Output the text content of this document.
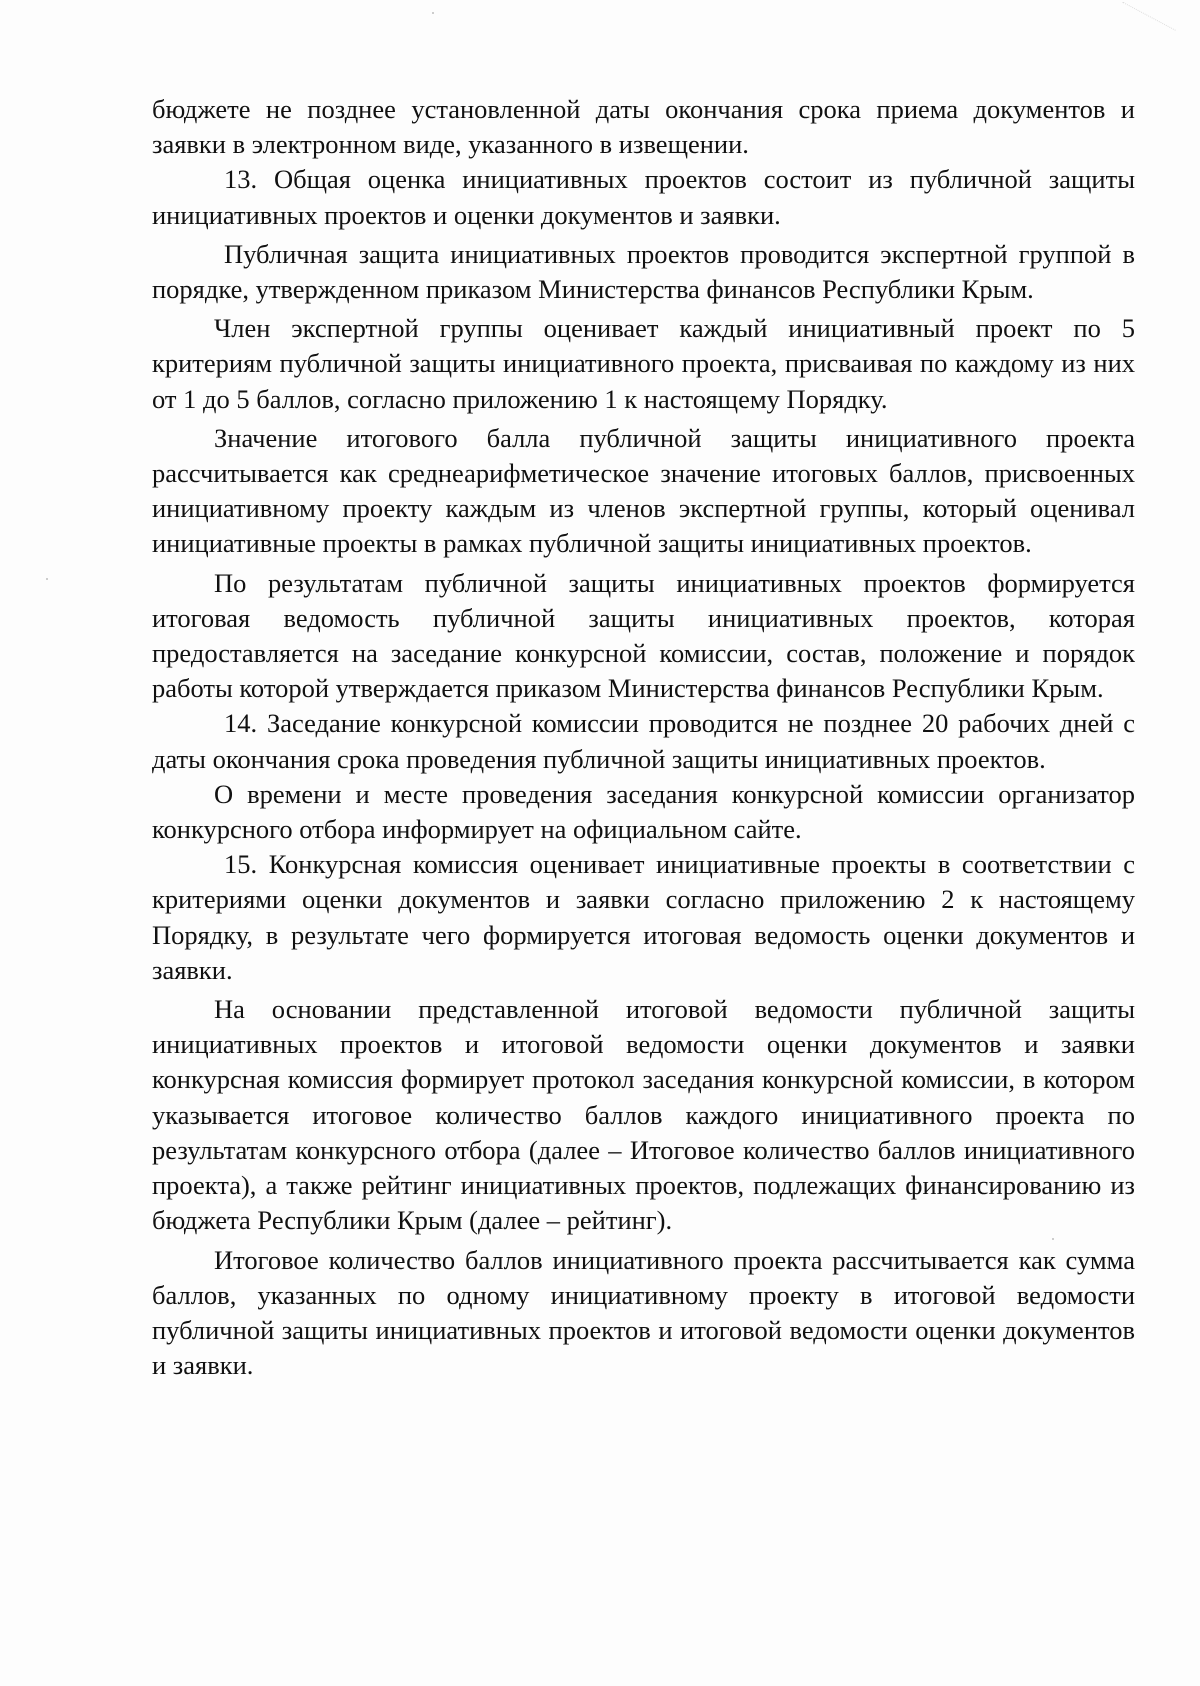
бюджете не позднее установленной даты окончания срока приема документов и заявки в электронном виде, указанного в извещении.

13. Общая оценка инициативных проектов состоит из публичной защиты инициативных проектов и оценки документов и заявки.

Публичная защита инициативных проектов проводится экспертной группой в порядке, утвержденном приказом Министерства финансов Республики Крым.

Член экспертной группы оценивает каждый инициативный проект по 5 критериям публичной защиты инициативного проекта, присваивая по каждому из них от 1 до 5 баллов, согласно приложению 1 к настоящему Порядку.

Значение итогового балла публичной защиты инициативного проекта рассчитывается как среднеарифметическое значение итоговых баллов, присвоенных инициативному проекту каждым из членов экспертной группы, который оценивал инициативные проекты в рамках публичной защиты инициативных проектов.

По результатам публичной защиты инициативных проектов формируется итоговая ведомость публичной защиты инициативных проектов, которая предоставляется на заседание конкурсной комиссии, состав, положение и порядок работы которой утверждается приказом Министерства финансов Республики Крым.

14. Заседание конкурсной комиссии проводится не позднее 20 рабочих дней с даты окончания срока проведения публичной защиты инициативных проектов.

О времени и месте проведения заседания конкурсной комиссии организатор конкурсного отбора информирует на официальном сайте.

15. Конкурсная комиссия оценивает инициативные проекты в соответствии с критериями оценки документов и заявки согласно приложению 2 к настоящему Порядку, в результате чего формируется итоговая ведомость оценки документов и заявки.

На основании представленной итоговой ведомости публичной защиты инициативных проектов и итоговой ведомости оценки документов и заявки конкурсная комиссия формирует протокол заседания конкурсной комиссии, в котором указывается итоговое количество баллов каждого инициативного проекта по результатам конкурсного отбора (далее – Итоговое количество баллов инициативного проекта), а также рейтинг инициативных проектов, подлежащих финансированию из бюджета Республики Крым (далее – рейтинг).

Итоговое количество баллов инициативного проекта рассчитывается как сумма баллов, указанных по одному инициативному проекту в итоговой ведомости публичной защиты инициативных проектов и итоговой ведомости оценки документов и заявки.
